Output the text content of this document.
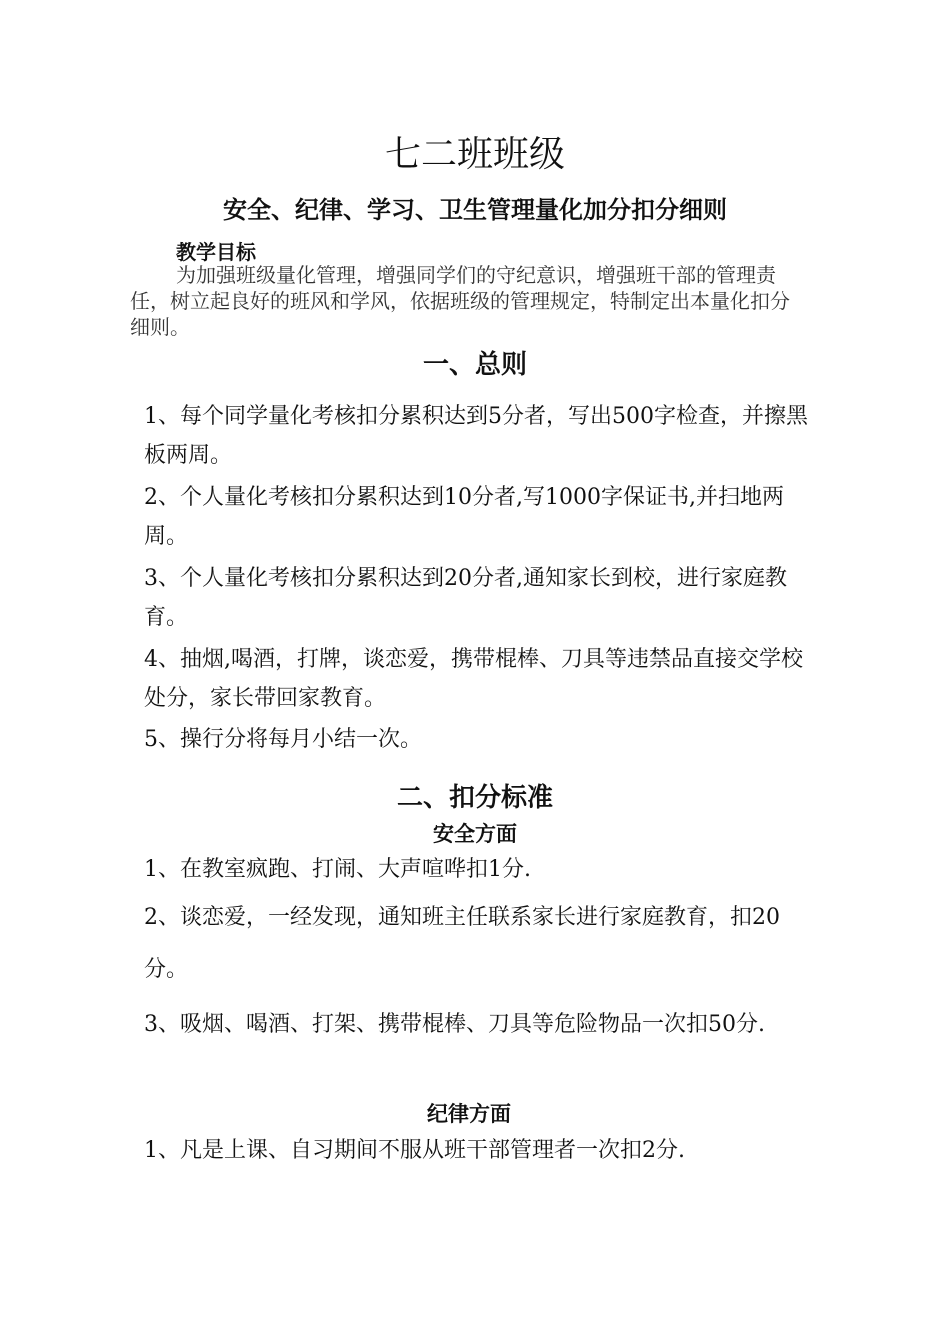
七二班班级
安全、纪律、学习、卫生管理量化加分扣分细则
教学目标

为加强班级量化管理，增强同学们的守纪意识，增强班干部的管理责任，树立起良好的班风和学风，依据班级的管理规定，特制定出本量化扣分细则。

一、总则
1、每个同学量化考核扣分累积达到5分者，写出500字检查，并擦黑板两周。
2、个人量化考核扣分累积达到10分者,写1000字保证书,并扫地两周。
3、个人量化考核扣分累积达到20分者,通知家长到校，进行家庭教育。
4、抽烟,喝酒，打牌，谈恋爱，携带棍棒、刀具等违禁品直接交学校处分，家长带回家教育。
5、操行分将每月小结一次。
二、扣分标准
安全方面
1、在教室疯跑、打闹、大声喧哗扣1分.
2、谈恋爱，一经发现，通知班主任联系家长进行家庭教育，扣20分。
3、吸烟、喝酒、打架、携带棍棒、刀具等危险物品一次扣50分.
纪律方面
1、凡是上课、自习期间不服从班干部管理者一次扣2分.
